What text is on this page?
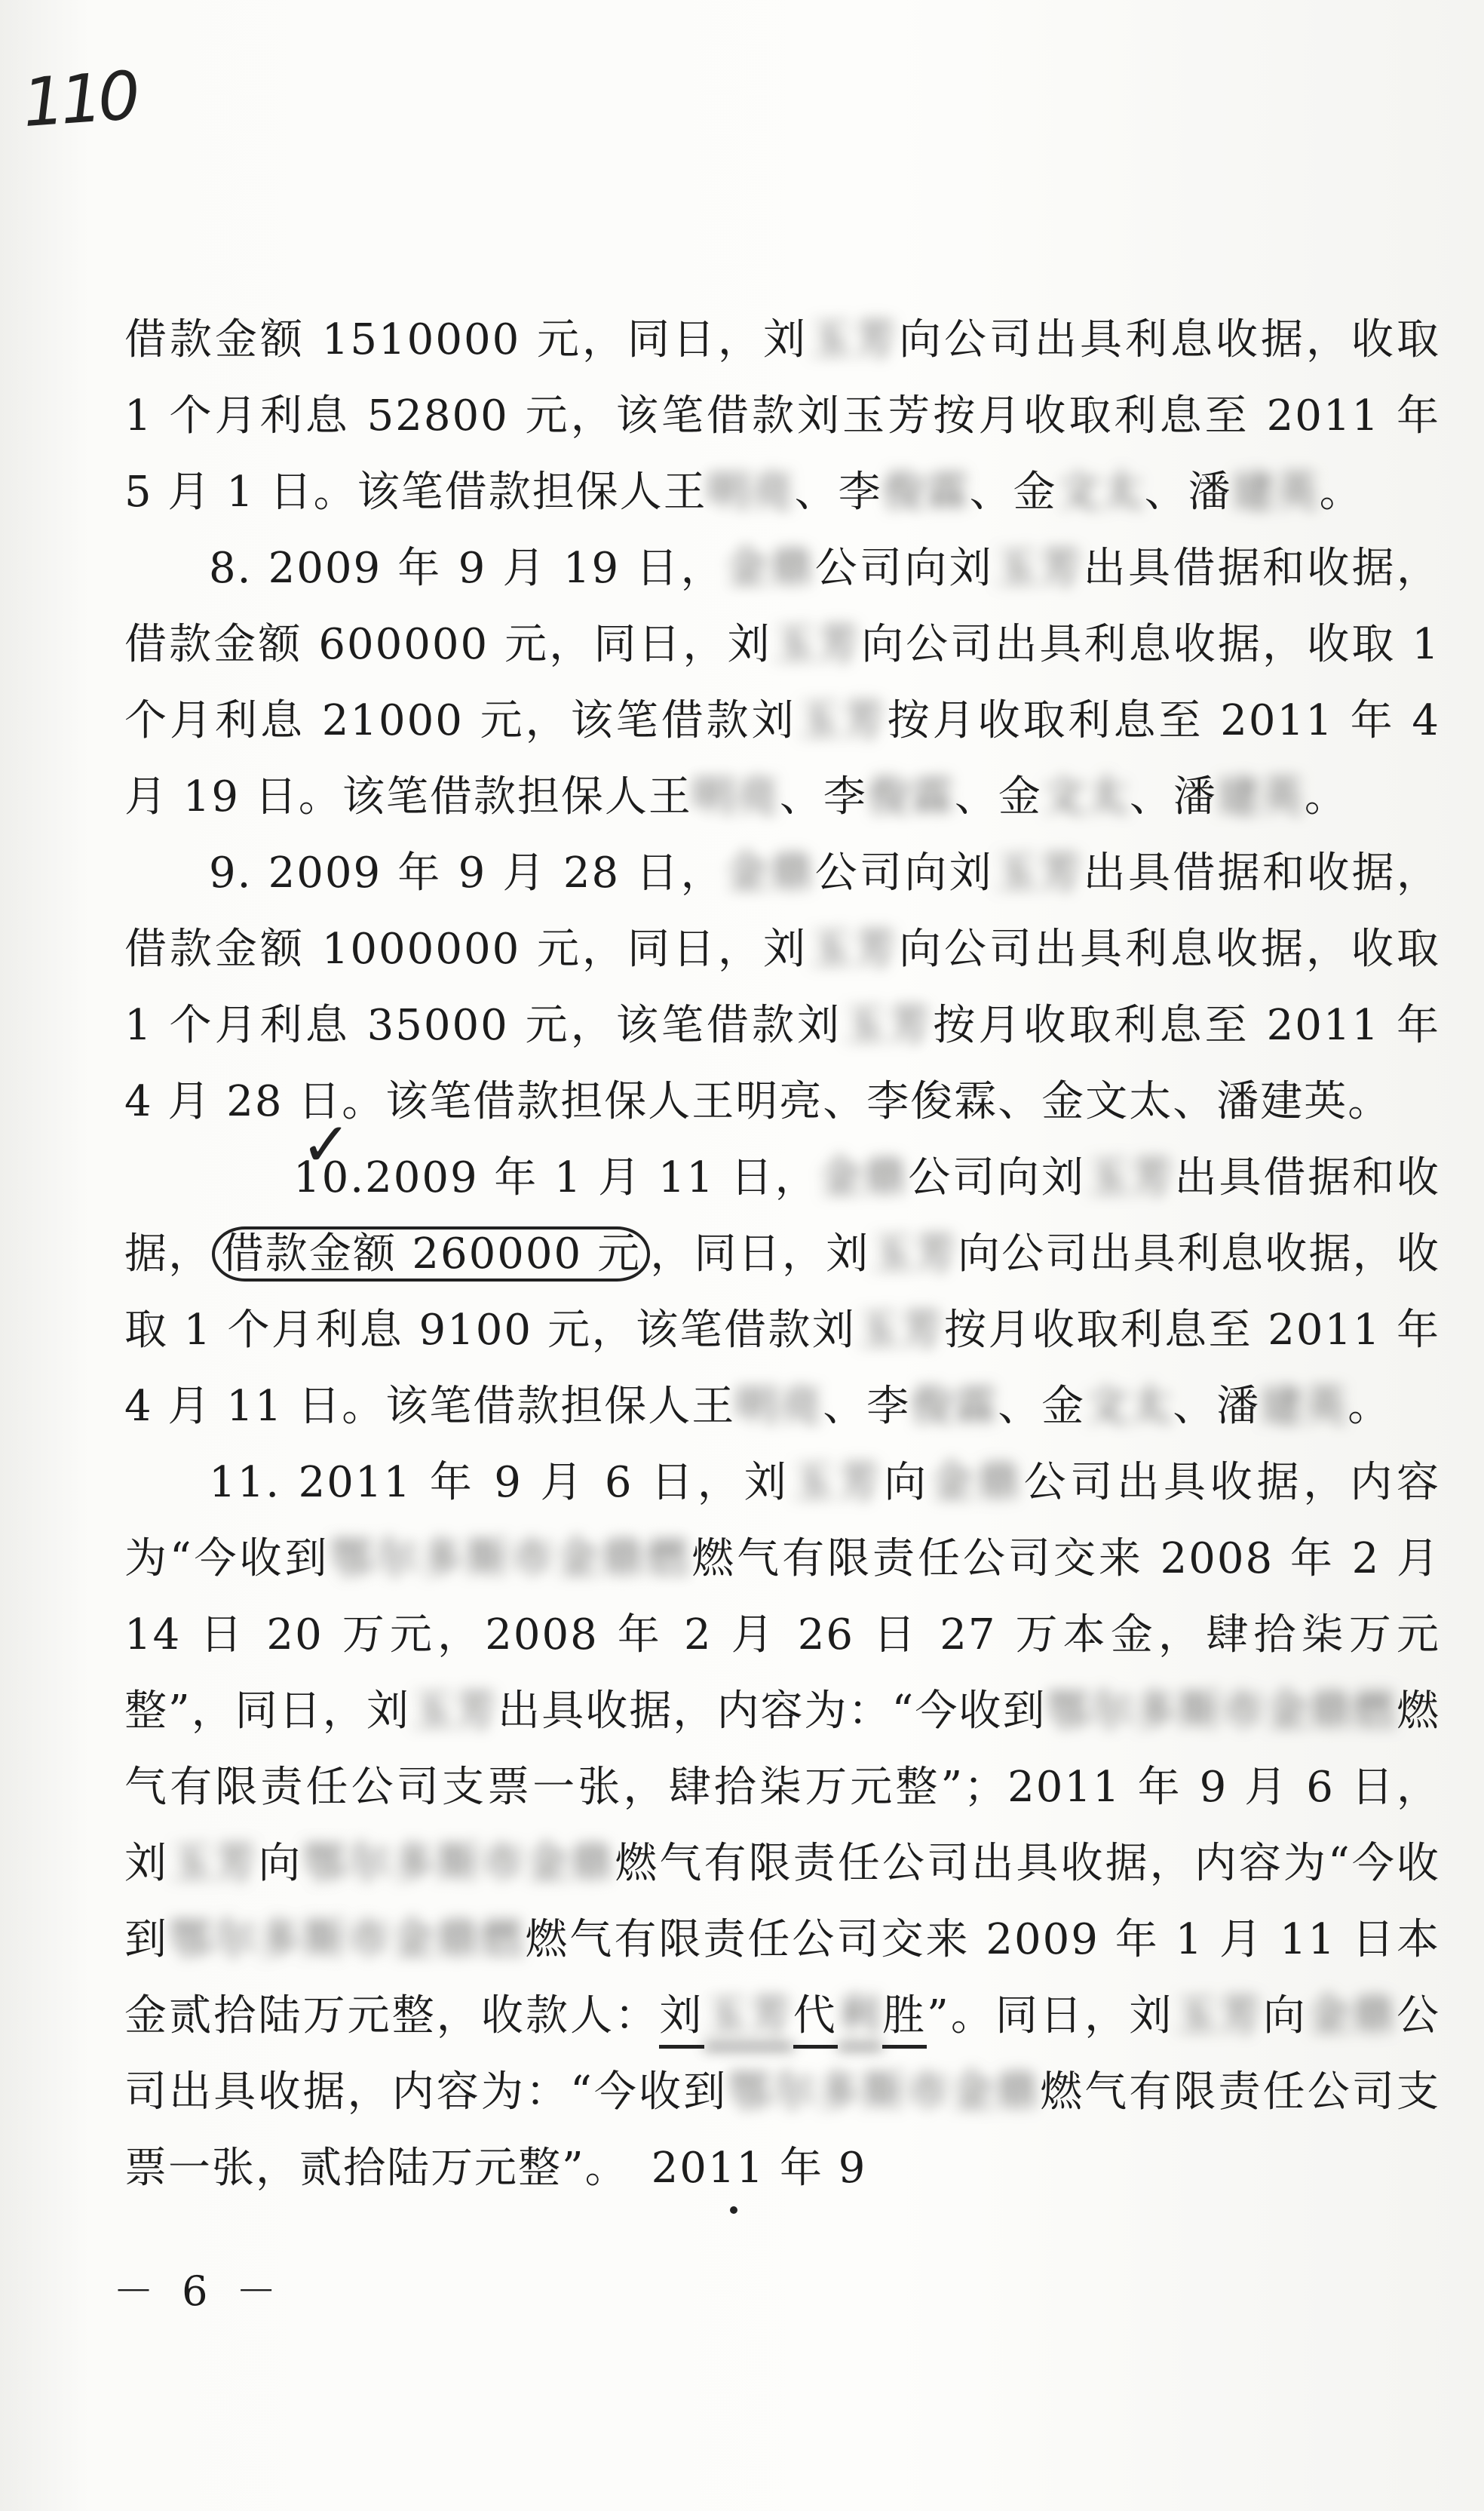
110

借款金额 1510000 元，同日，刘玉芳向公司出具利息收据，收取 1 个月利息 52800 元，该笔借款刘玉芳按月收取利息至 2011 年 5 月 1 日。该笔借款担保人王明亮、李俊霖、金文太、潘建英。

8. 2009 年 9 月 19 日，金鼎公司向刘玉芳出具借据和收据，借款金额 600000 元，同日，刘玉芳向公司出具利息收据，收取 1 个月利息 21000 元，该笔借款刘玉芳按月收取利息至 2011 年 4 月 19 日。该笔借款担保人王明亮、李俊霖、金文太、潘建英。

9. 2009 年 9 月 28 日，金鼎公司向刘玉芳出具借据和收据，借款金额 1000000 元，同日，刘玉芳向公司出具利息收据，收取 1 个月利息 35000 元，该笔借款刘玉芳按月收取利息至 2011 年 4 月 28 日。该笔借款担保人王明亮、李俊霖、金文太、潘建英。

10. ✓2009 年 1 月 11 日，金鼎公司向刘玉芳出具借据和收据， 借款金额 260000 元 ，同日，刘玉芳向公司出具利息收据，收取 1 个月利息 9100 元，该笔借款刘玉芳按月收取利息至 2011 年 4 月 11 日。该笔借款担保人王明亮、李俊霖、金文太、潘建英。

11. 2011 年 9 月 6 日，刘玉芳向金鼎公司出具收据，内容为“今收到鄂尔多斯市金鼎燃燃气有限责任公司交来 2008 年 2 月 14 日 20 万元，2008 年 2 月 26 日 27 万本金，肆拾柒万元整”，同日，刘玉芳出具收据，内容为：“今收到鄂尔多斯市金鼎燃燃气有限责任公司支票一张，肆拾柒万元整”；2011 年 9 月 6 日，刘玉芳向鄂尔多斯市金鼎燃气有限责任公司出具收据，内容为“今收到鄂尔多斯市金鼎燃燃气有限责任公司交来 2009 年 1 月 11 日本金贰拾陆万元整，收款人：刘玉芳代利胜”。同日，刘玉芳向金鼎公司出具收据，内容为：“今收到鄂尔多斯市金鼎燃气有限责任公司支票一张，贰拾陆万元整”。　2011 年 9

－ 6 －
